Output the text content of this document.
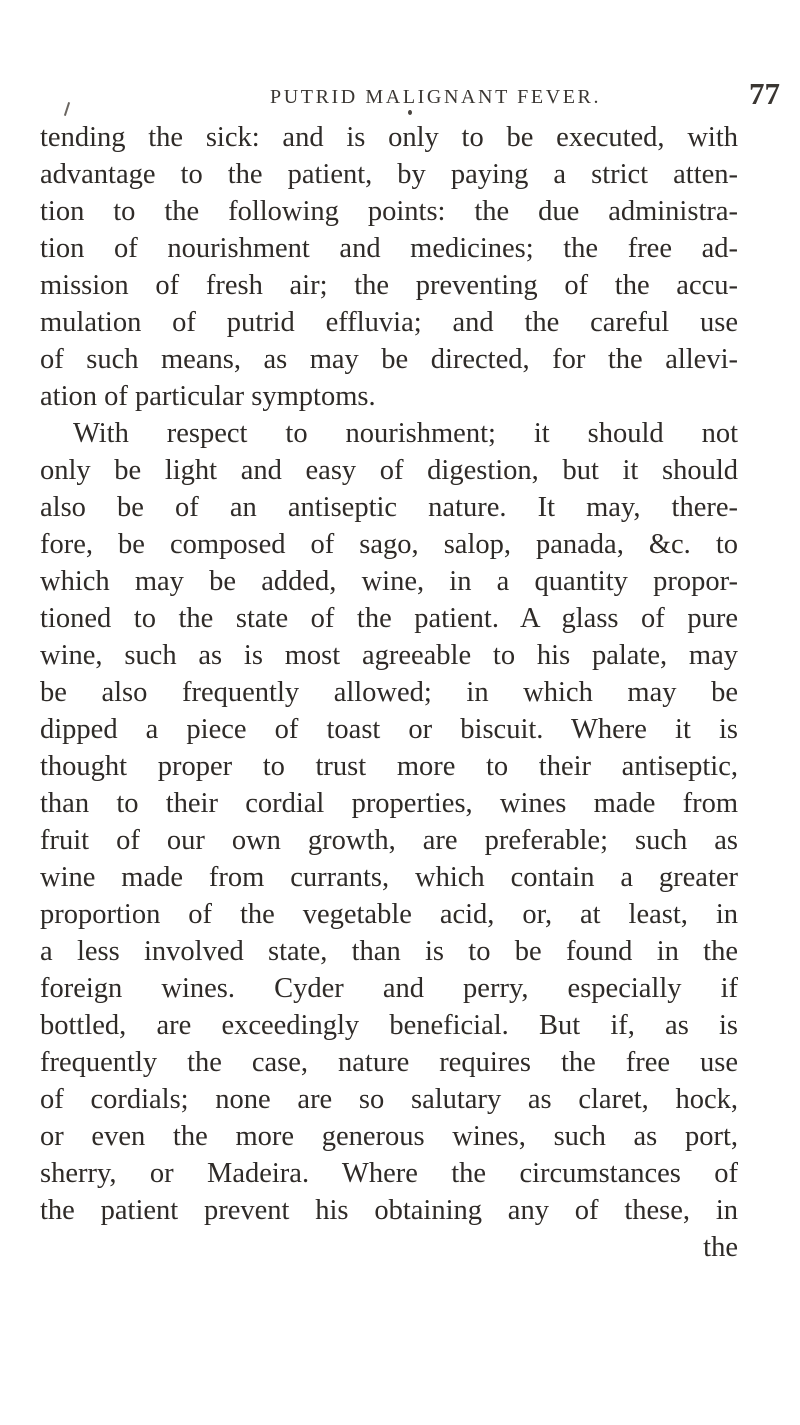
PUTRID MALIGNANT FEVER.	77
tending the sick: and is only to be executed, with
advantage to the patient, by paying a strict atten-
tion to the following points: the due administra-
tion of nourishment and medicines; the free ad-
mission of fresh air; the preventing of the accu-
mulation of putrid effluvia; and the careful use
of such means, as may be directed, for the allevi-
ation of particular symptoms.
With respect to nourishment; it should not
only be light and easy of digestion, but it should
also be of an antiseptic nature. It may, there-
fore, be composed of sago, salop, panada, &c. to
which may be added, wine, in a quantity propor-
tioned to the state of the patient. A glass of pure
wine, such as is most agreeable to his palate, may
be also frequently allowed; in which may be
dipped a piece of toast or biscuit. Where it is
thought proper to trust more to their antiseptic,
than to their cordial properties, wines made from
fruit of our own growth, are preferable; such as
wine made from currants, which contain a greater
proportion of the vegetable acid, or, at least, in
a less involved state, than is to be found in the
foreign wines. Cyder and perry, especially if
bottled, are exceedingly beneficial. But if, as is
frequently the case, nature requires the free use
of cordials; none are so salutary as claret, hock,
or even the more generous wines, such as port,
sherry, or Madeira. Where the circumstances of
the patient prevent his obtaining any of these, in
the
